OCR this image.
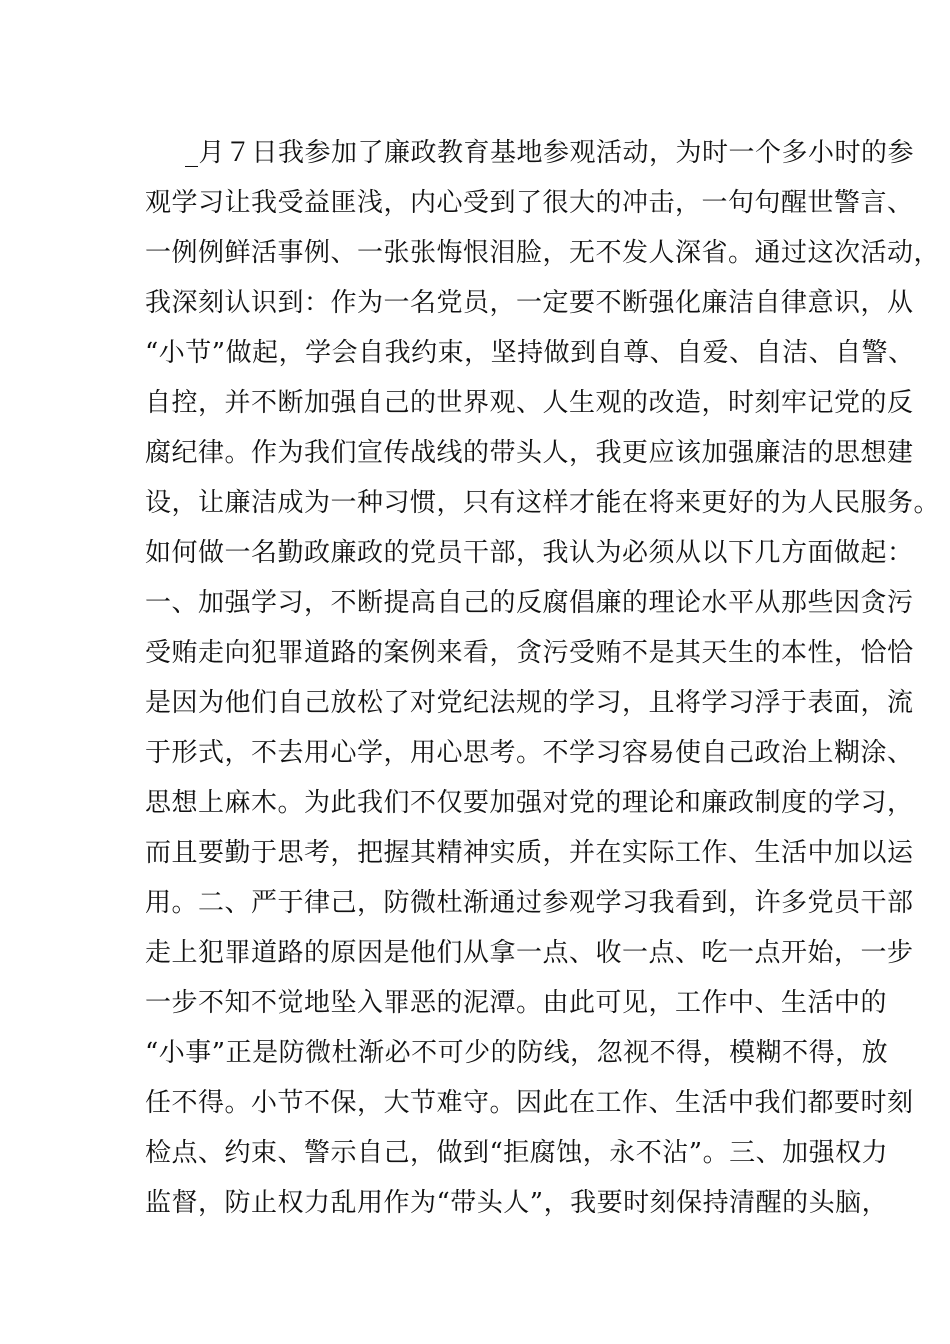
_月７日我参加了廉政教育基地参观活动，为时一个多小时的参
观学习让我受益匪浅，内心受到了很大的冲击，一句句醒世警言、
一例例鲜活事例、一张张悔恨泪脸，无不发人深省。通过这次活动，
我深刻认识到：作为一名党员，一定要不断强化廉洁自律意识，从
“小节”做起，学会自我约束，坚持做到自尊、自爱、自洁、自警、
自控，并不断加强自己的世界观、人生观的改造，时刻牢记党的反
腐纪律。作为我们宣传战线的带头人，我更应该加强廉洁的思想建
设，让廉洁成为一种习惯，只有这样才能在将来更好的为人民服务。
如何做一名勤政廉政的党员干部，我认为必须从以下几方面做起：
一、加强学习，不断提高自己的反腐倡廉的理论水平从那些因贪污
受贿走向犯罪道路的案例来看，贪污受贿不是其天生的本性，恰恰
是因为他们自己放松了对党纪法规的学习，且将学习浮于表面，流
于形式，不去用心学，用心思考。不学习容易使自己政治上糊涂、
思想上麻木。为此我们不仅要加强对党的理论和廉政制度的学习，
而且要勤于思考，把握其精神实质，并在实际工作、生活中加以运
用。二、严于律己，防微杜渐通过参观学习我看到，许多党员干部
走上犯罪道路的原因是他们从拿一点、收一点、吃一点开始，一步
一步不知不觉地坠入罪恶的泥潭。由此可见，工作中、生活中的
“小事”正是防微杜渐必不可少的防线，忽视不得，模糊不得，放
任不得。小节不保，大节难守。因此在工作、生活中我们都要时刻
检点、约束、警示自己，做到“拒腐蚀，永不沾”。三、加强权力
监督，防止权力乱用作为“带头人”，我要时刻保持清醒的头脑，
